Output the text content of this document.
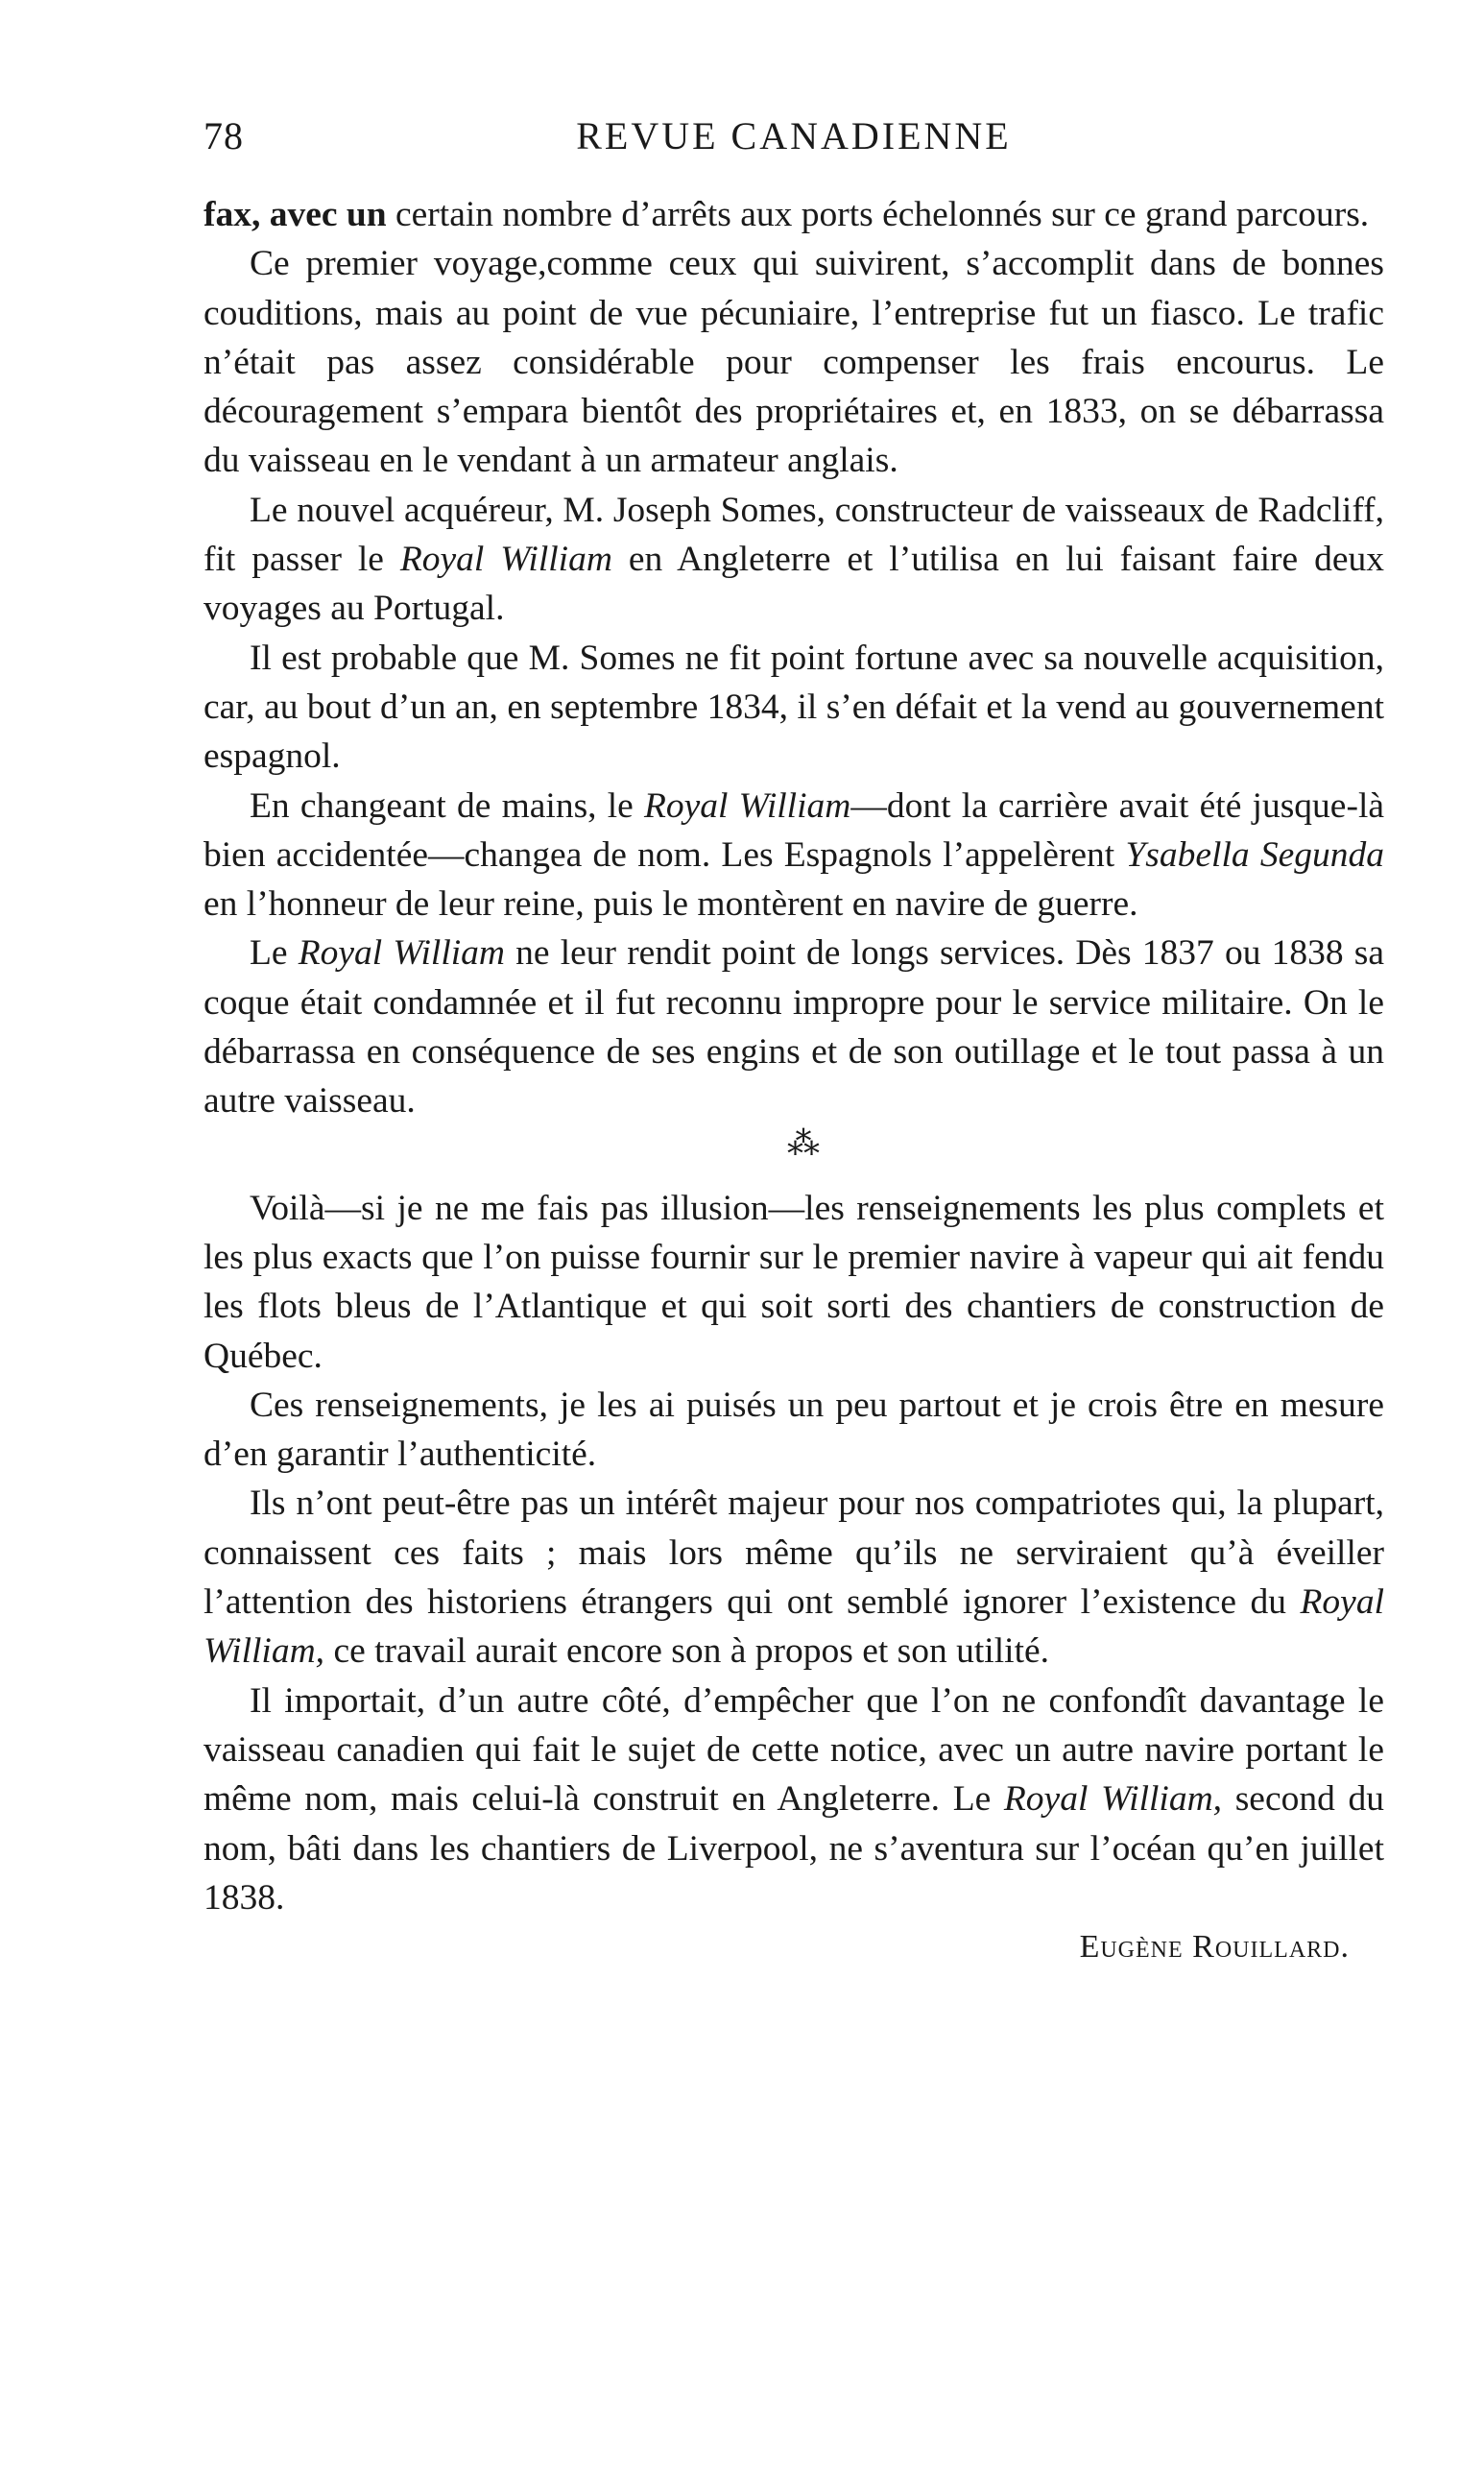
78	REVUE CANADIENNE

fax, avec un certain nombre d’arrêts aux ports échelonnés sur ce grand parcours.

Ce premier voyage,comme ceux qui suivirent, s’accomplit dans de bonnes couditions, mais au point de vue pécuniaire, l’entreprise fut un fiasco. Le trafic n’était pas assez considérable pour compenser les frais encourus. Le découragement s’empara bientôt des propriétaires et, en 1833, on se débarrassa du vaisseau en le vendant à un armateur anglais.

Le nouvel acquéreur, M. Joseph Somes, constructeur de vaisseaux de Radcliff, fit passer le Royal William en Angleterre et l’utilisa en lui faisant faire deux voyages au Portugal.

Il est probable que M. Somes ne fit point fortune avec sa nouvelle acquisition, car, au bout d’un an, en septembre 1834, il s’en défait et la vend au gouvernement espagnol.

En changeant de mains, le Royal William—dont la carrière avait été jusque-là bien accidentée—changea de nom. Les Espagnols l’appelèrent Ysabella Segunda en l’honneur de leur reine, puis le montèrent en navire de guerre.

Le Royal William ne leur rendit point de longs services. Dès 1837 ou 1838 sa coque était condamnée et il fut reconnu impropre pour le service militaire. On le débarrassa en conséquence de ses engins et de son outillage et le tout passa à un autre vaisseau.

⁂

Voilà—si je ne me fais pas illusion—les renseignements les plus complets et les plus exacts que l’on puisse fournir sur le premier navire à vapeur qui ait fendu les flots bleus de l’Atlantique et qui soit sorti des chantiers de construction de Québec.

Ces renseignements, je les ai puisés un peu partout et je crois être en mesure d’en garantir l’authenticité.

Ils n’ont peut-être pas un intérêt majeur pour nos compatriotes qui, la plupart, connaissent ces faits ; mais lors même qu’ils ne serviraient qu’à éveiller l’attention des historiens étrangers qui ont semblé ignorer l’existence du Royal William, ce travail aurait encore son à propos et son utilité.

Il importait, d’un autre côté, d’empêcher que l’on ne confondît davantage le vaisseau canadien qui fait le sujet de cette notice, avec un autre navire portant le même nom, mais celui-là construit en Angleterre. Le Royal William, second du nom, bâti dans les chantiers de Liverpool, ne s’aventura sur l’océan qu’en juillet 1838.

Eugène Rouillard.
